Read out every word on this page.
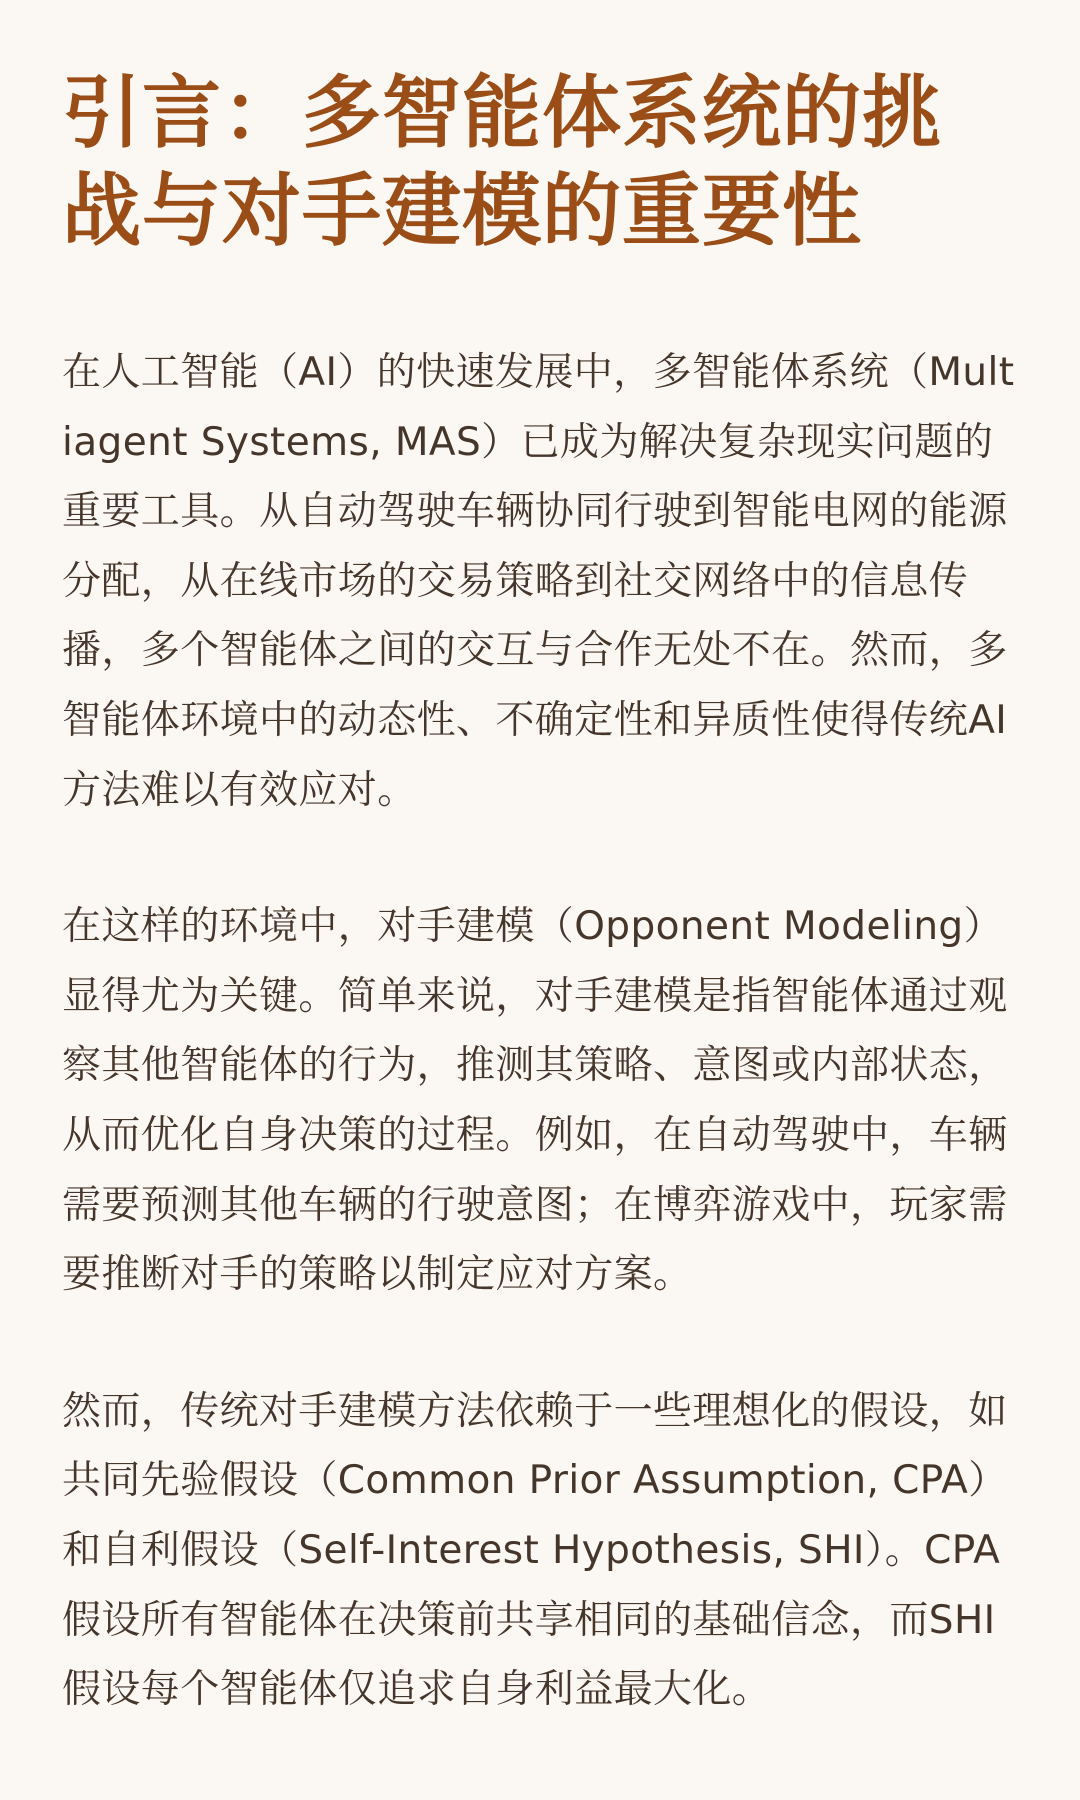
引言：多智能体系统的挑战与对手建模的重要性

在人工智能（AI）的快速发展中，多智能体系统（Multiagent Systems, MAS）已成为解决复杂现实问题的重要工具。从自动驾驶车辆协同行驶到智能电网的能源分配，从在线市场的交易策略到社交网络中的信息传播，多个智能体之间的交互与合作无处不在。然而，多智能体环境中的动态性、不确定性和异质性使得传统AI方法难以有效应对。

在这样的环境中，对手建模（Opponent Modeling）显得尤为关键。简单来说，对手建模是指智能体通过观察其他智能体的行为，推测其策略、意图或内部状态，从而优化自身决策的过程。例如，在自动驾驶中，车辆需要预测其他车辆的行驶意图；在博弈游戏中，玩家需要推断对手的策略以制定应对方案。

然而，传统对手建模方法依赖于一些理想化的假设，如共同先验假设（Common Prior Assumption, CPA）和自利假设（Self-Interest Hypothesis, SHI）。CPA假设所有智能体在决策前共享相同的基础信念，而SHI假设每个智能体仅追求自身利益最大化。
